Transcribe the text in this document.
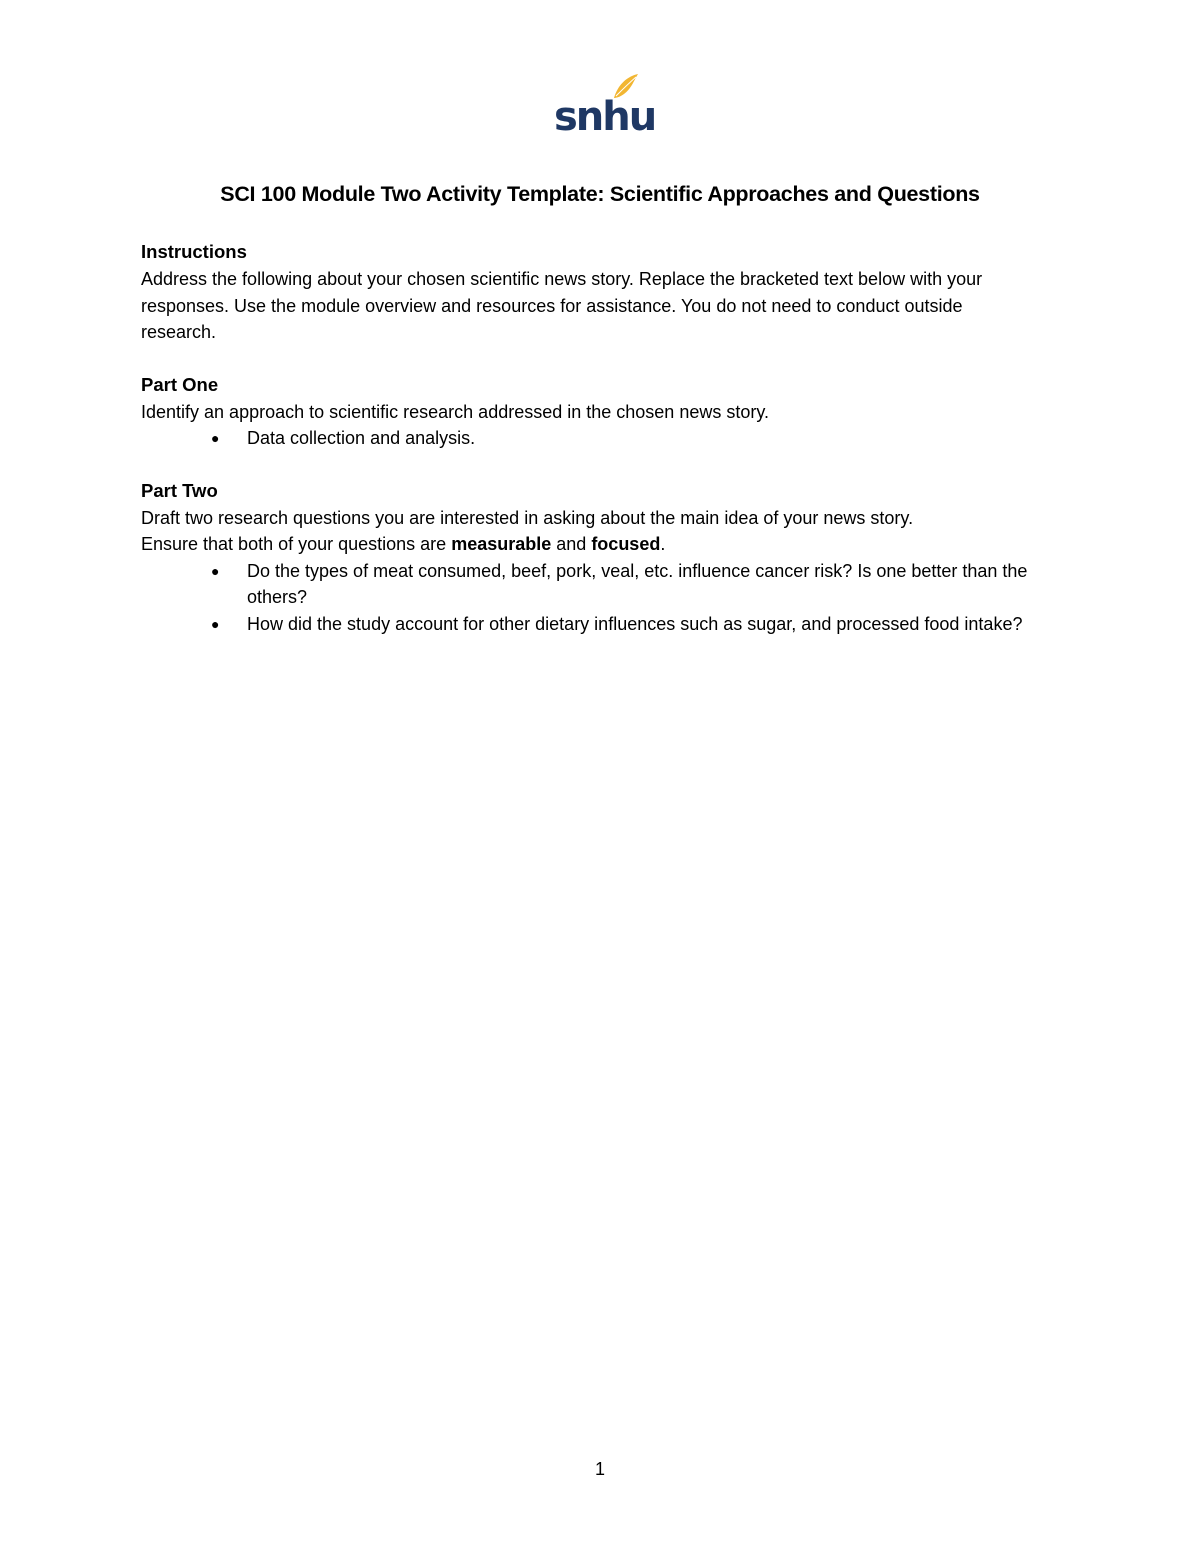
snhu
SCI 100 Module Two Activity Template: Scientific Approaches and Questions

Instructions

Address the following about your chosen scientific news story. Replace the bracketed text below with your responses. Use the module overview and resources for assistance. You do not need to conduct outside research.

Part One

Identify an approach to scientific research addressed in the chosen news story.

● Data collection and analysis.

Part Two

Draft two research questions you are interested in asking about the main idea of your news story.

Ensure that both of your questions are measurable and focused.

● Do the types of meat consumed, beef, pork, veal, etc. influence cancer risk? Is one better than the others?
● How did the study account for other dietary influences such as sugar, and processed food intake?
1
